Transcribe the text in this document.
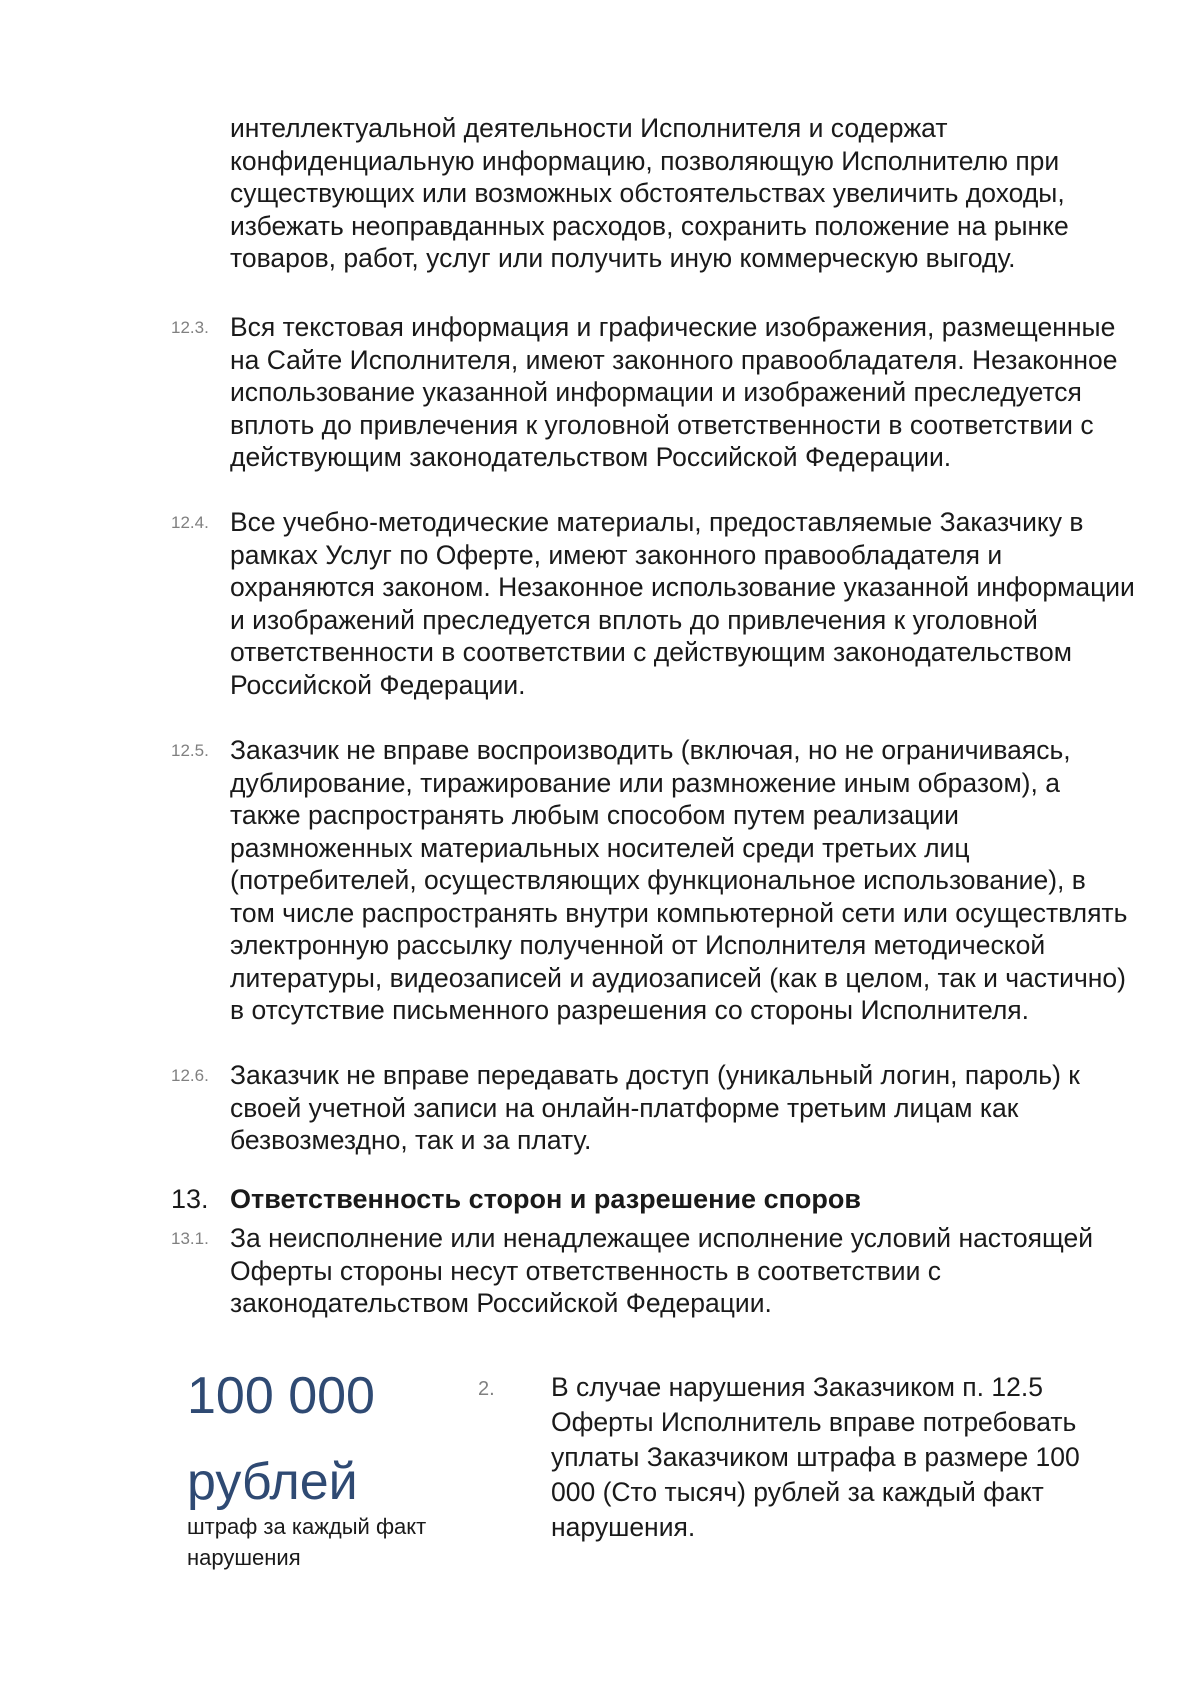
интеллектуальной деятельности Исполнителя и содержат конфиденциальную информацию, позволяющую Исполнителю при существующих или возможных обстоятельствах увеличить доходы, избежать неоправданных расходов, сохранить положение на рынке товаров, работ, услуг или получить иную коммерческую выгоду.
12.3. Вся текстовая информация и графические изображения, размещенные на Сайте Исполнителя, имеют законного правообладателя. Незаконное использование указанной информации и изображений преследуется вплоть до привлечения к уголовной ответственности в соответствии с действующим законодательством Российской Федерации.
12.4. Все учебно-методические материалы, предоставляемые Заказчику в рамках Услуг по Оферте, имеют законного правообладателя и охраняются законом. Незаконное использование указанной информации и изображений преследуется вплоть до привлечения к уголовной ответственности в соответствии с действующим законодательством Российской Федерации.
12.5. Заказчик не вправе воспроизводить (включая, но не ограничиваясь, дублирование, тиражирование или размножение иным образом), а также распространять любым способом путем реализации размноженных материальных носителей среди третьих лиц (потребителей, осуществляющих функциональное использование), в том числе распространять внутри компьютерной сети или осуществлять электронную рассылку полученной от Исполнителя методической литературы, видеозаписей и аудиозаписей (как в целом, так и частично) в отсутствие письменного разрешения со стороны Исполнителя.
12.6. Заказчик не вправе передавать доступ (уникальный логин, пароль) к своей учетной записи на онлайн-платформе третьим лицам как безвозмездно, так и за плату.
13. Ответственность сторон и разрешение споров
13.1. За неисполнение или ненадлежащее исполнение условий настоящей Оферты стороны несут ответственность в соответствии с законодательством Российской Федерации.
100 000
рублей
штраф за каждый факт нарушения
2. В случае нарушения Заказчиком п. 12.5 Оферты Исполнитель вправе потребовать уплаты Заказчиком штрафа в размере 100 000 (Сто тысяч) рублей за каждый факт нарушения.
